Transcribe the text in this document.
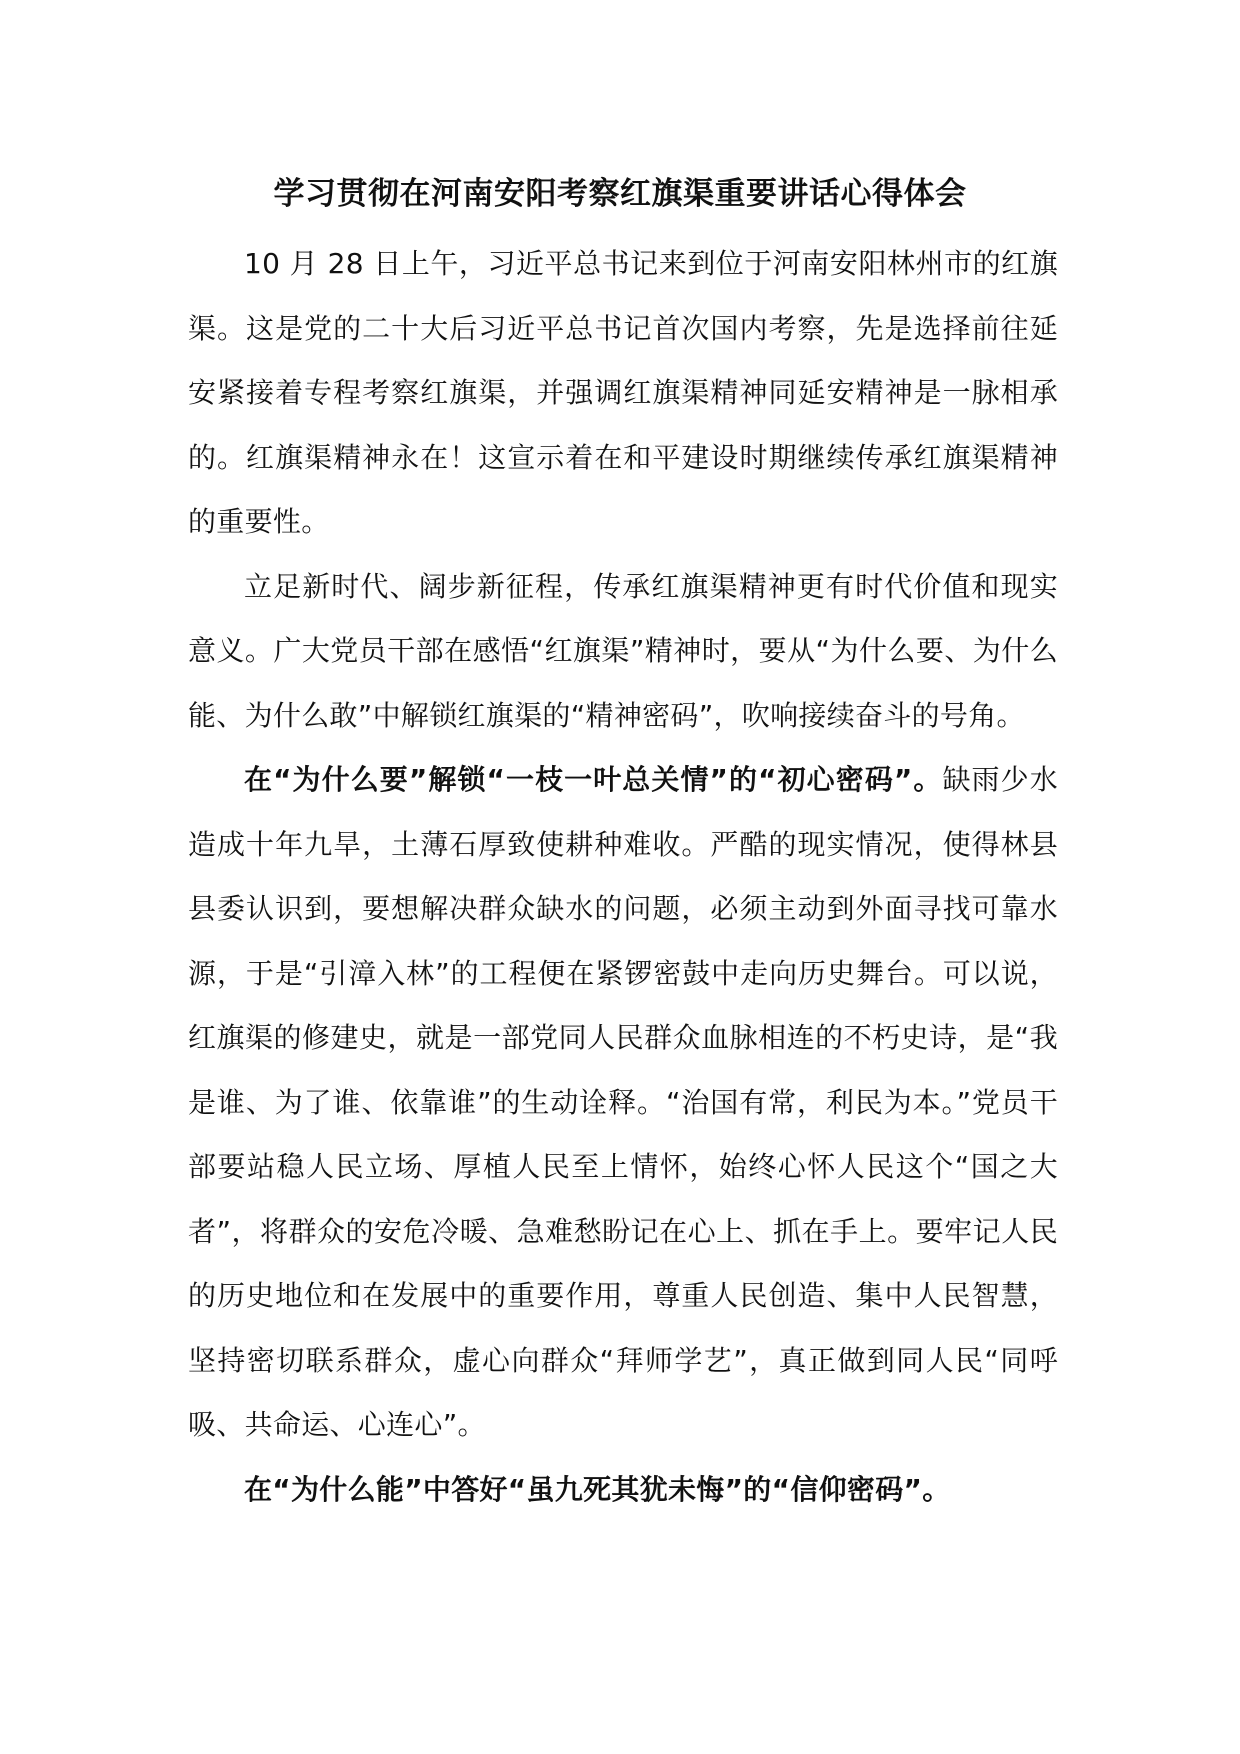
学习贯彻在河南安阳考察红旗渠重要讲话心得体会

10 月 28 日上午，习近平总书记来到位于河南安阳林州市的红旗渠。这是党的二十大后习近平总书记首次国内考察，先是选择前往延安紧接着专程考察红旗渠，并强调红旗渠精神同延安精神是一脉相承的。红旗渠精神永在！这宣示着在和平建设时期继续传承红旗渠精神的重要性。

立足新时代、阔步新征程，传承红旗渠精神更有时代价值和现实意义。广大党员干部在感悟“红旗渠”精神时，要从“为什么要、为什么能、为什么敢”中解锁红旗渠的“精神密码”，吹响接续奋斗的号角。

在“为什么要”解锁“一枝一叶总关情”的“初心密码”。缺雨少水造成十年九旱，土薄石厚致使耕种难收。严酷的现实情况，使得林县县委认识到，要想解决群众缺水的问题，必须主动到外面寻找可靠水源，于是“引漳入林”的工程便在紧锣密鼓中走向历史舞台。可以说，红旗渠的修建史，就是一部党同人民群众血脉相连的不朽史诗，是“我是谁、为了谁、依靠谁”的生动诠释。“治国有常，利民为本。”党员干部要站稳人民立场、厚植人民至上情怀，始终心怀人民这个“国之大者”，将群众的安危冷暖、急难愁盼记在心上、抓在手上。要牢记人民的历史地位和在发展中的重要作用，尊重人民创造、集中人民智慧，坚持密切联系群众，虚心向群众“拜师学艺”，真正做到同人民“同呼吸、共命运、心连心”。

在“为什么能”中答好“虽九死其犹未悔”的“信仰密码”。
